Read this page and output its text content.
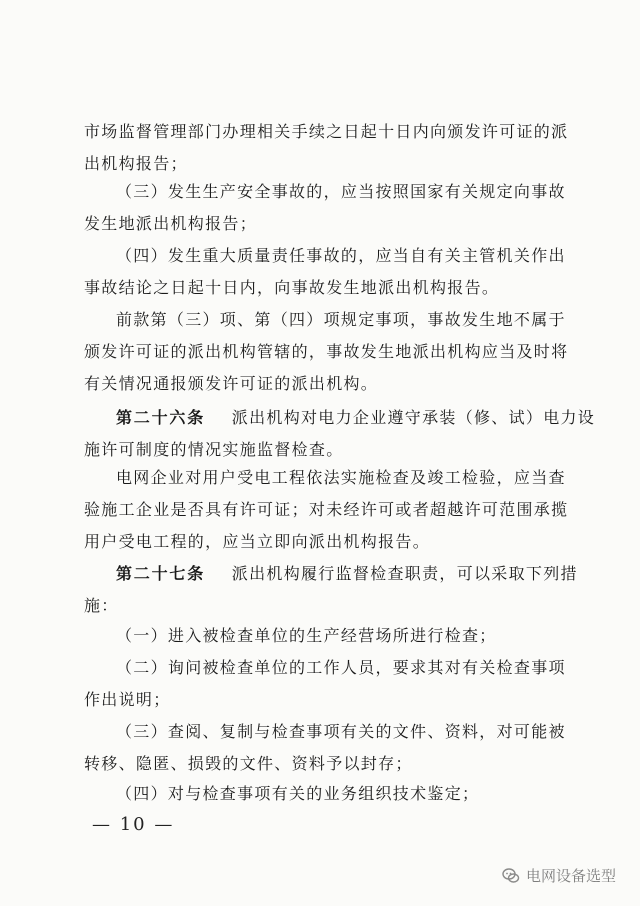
市场监督管理部门办理相关手续之日起十日内向颁发许可证的派
出机构报告；
（三）发生生产安全事故的，应当按照国家有关规定向事故
发生地派出机构报告；
（四）发生重大质量责任事故的，应当自有关主管机关作出
事故结论之日起十日内，向事故发生地派出机构报告。
前款第（三）项、第（四）项规定事项，事故发生地不属于
颁发许可证的派出机构管辖的，事故发生地派出机构应当及时将
有关情况通报颁发许可证的派出机构。
第二十六条 派出机构对电力企业遵守承装（修、试）电力设
施许可制度的情况实施监督检查。
电网企业对用户受电工程依法实施检查及竣工检验，应当查
验施工企业是否具有许可证；对未经许可或者超越许可范围承揽
用户受电工程的，应当立即向派出机构报告。
第二十七条 派出机构履行监督检查职责，可以采取下列措
施：
（一）进入被检查单位的生产经营场所进行检查；
（二）询问被检查单位的工作人员，要求其对有关检查事项
作出说明；
（三）查阅、复制与检查事项有关的文件、资料，对可能被
转移、隐匿、损毁的文件、资料予以封存；
（四）对与检查事项有关的业务组织技术鉴定；
— 10 —
电网设备选型
